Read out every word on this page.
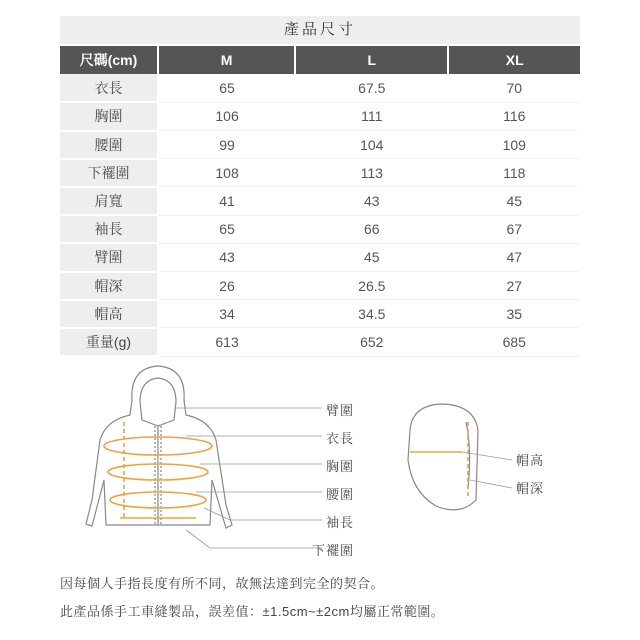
產品尺寸
尺碼(cm)	M	L	XL
衣長	65	67.5	70
胸圍	106	111	116
腰圍	99	104	109
下襬圍	108	113	118
肩寬	41	43	45
袖長	65	66	67
臂圍	43	45	47
帽深	26	26.5	27
帽高	34	34.5	35
重量(g)	613	652	685
臂圍
衣長
胸圍
腰圍
袖長
下襬圍
帽高
帽深
因每個人手指長度有所不同，故無法達到完全的契合。
此產品係手工車縫製品，誤差值：±1.5cm~±2cm均屬正常範圍。
